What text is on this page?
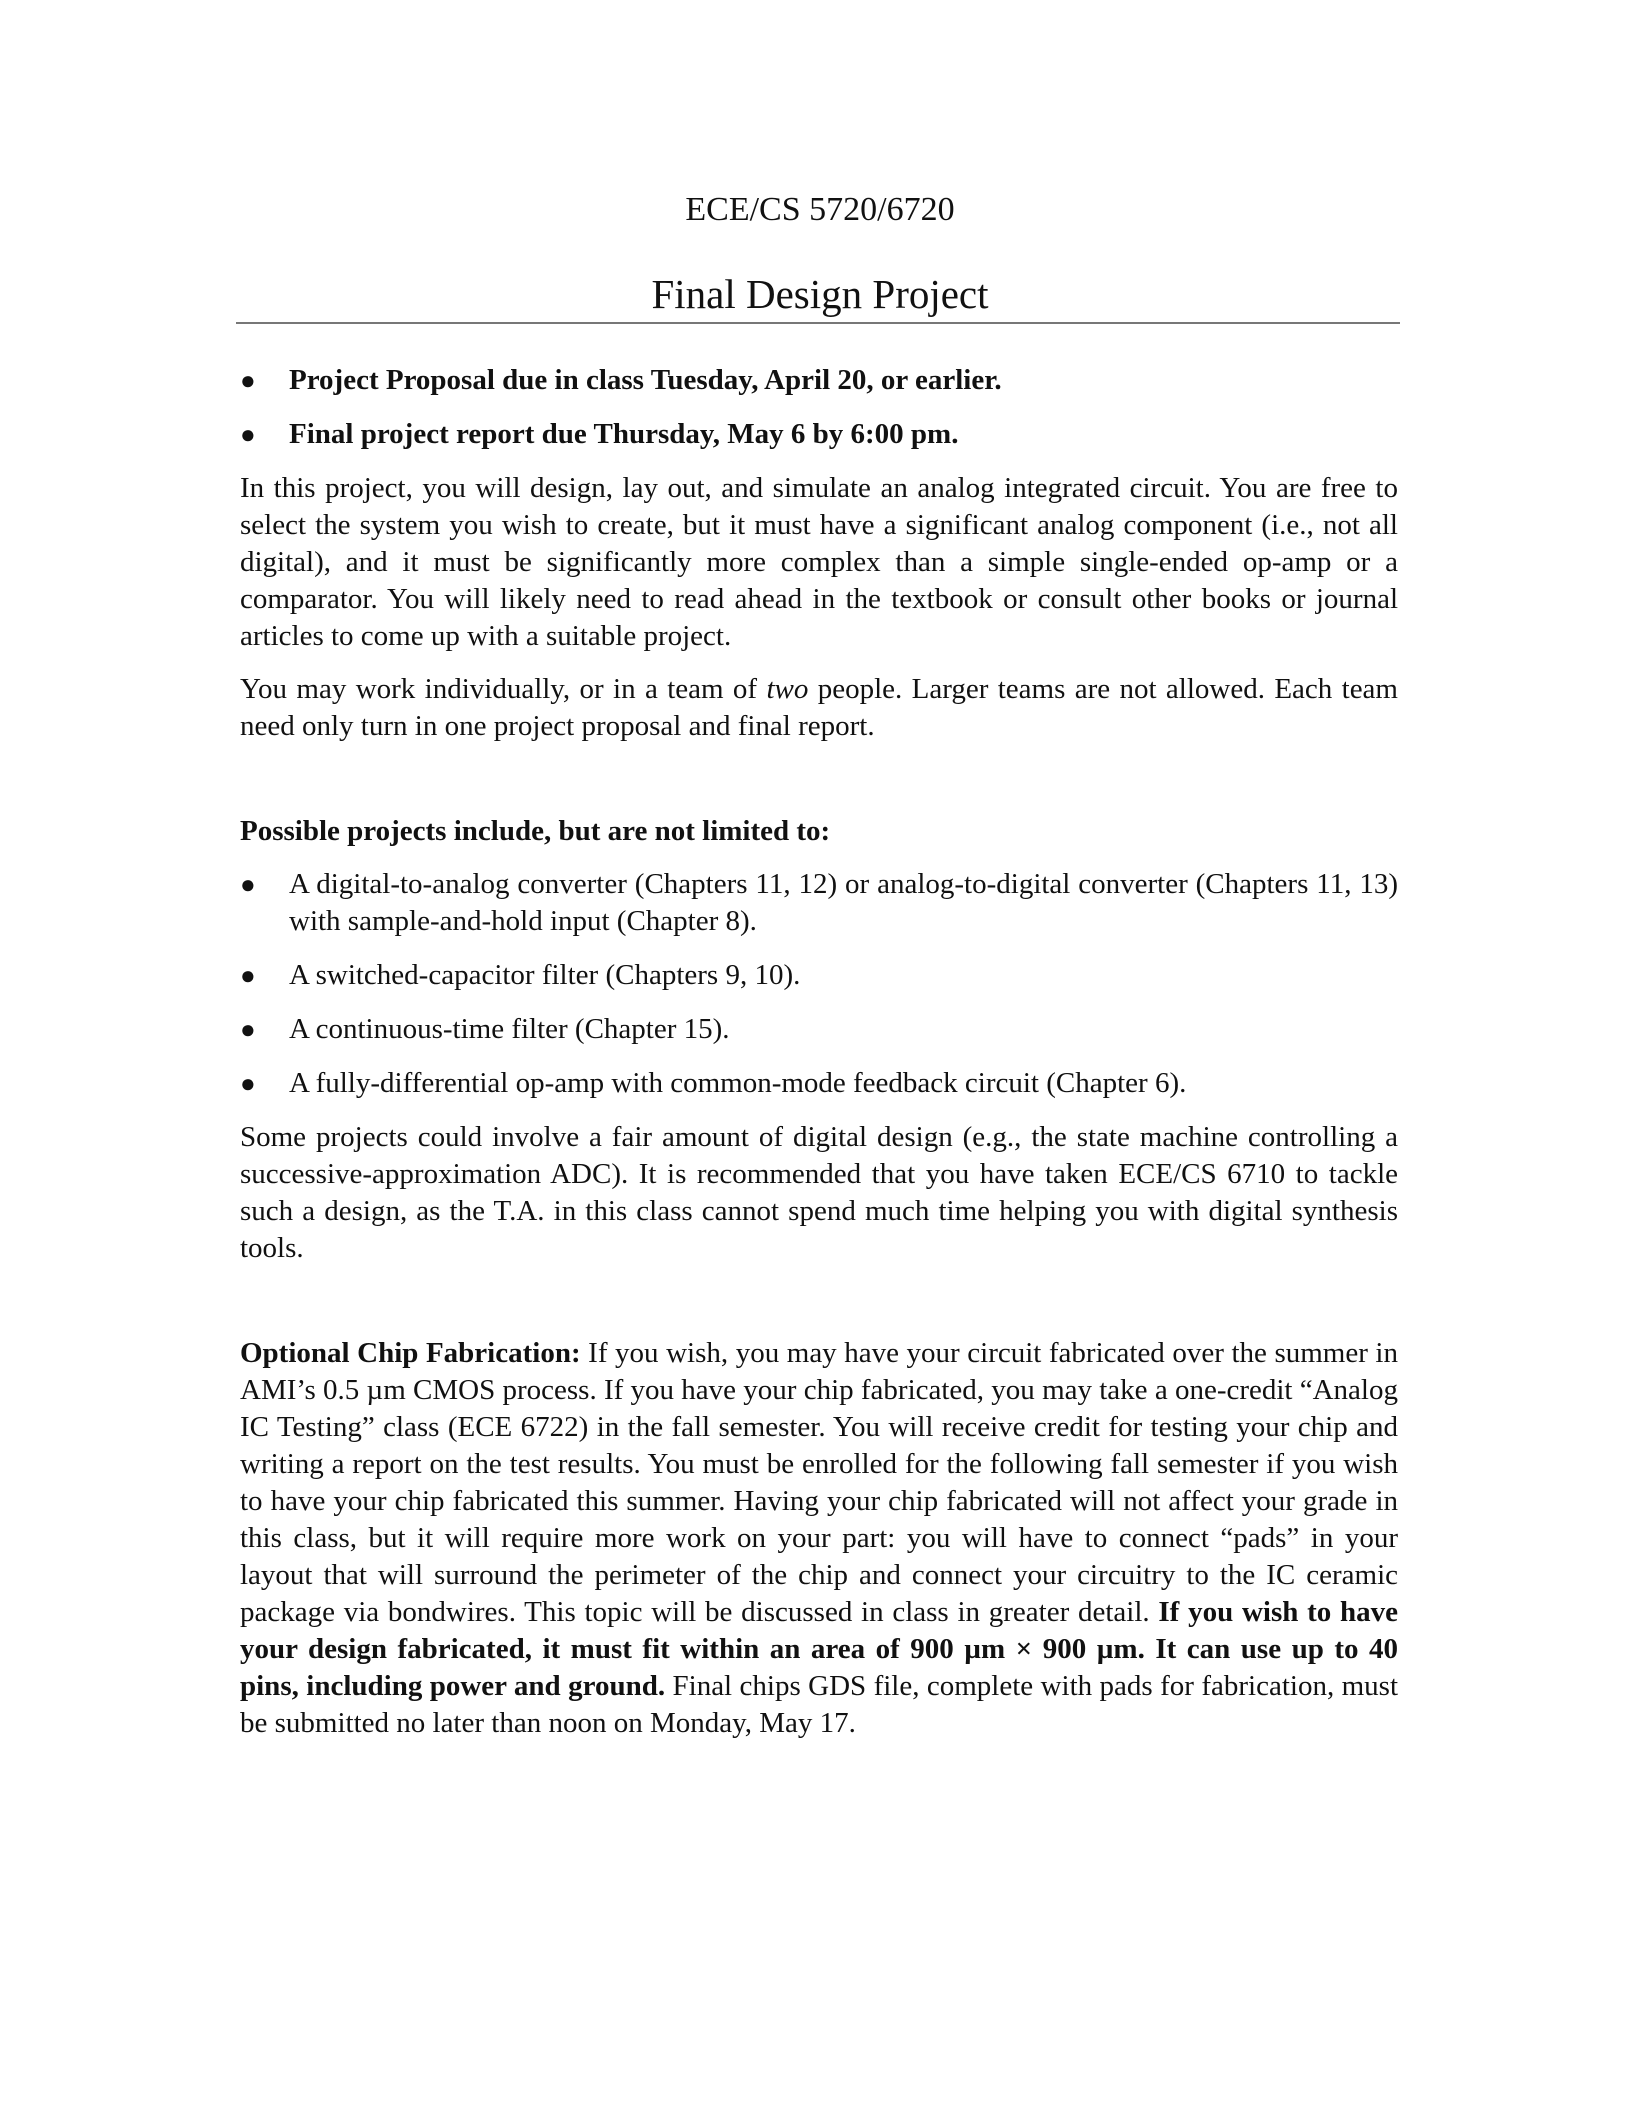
ECE/CS 5720/6720
Final Design Project
● Project Proposal due in class Tuesday, April 20, or earlier.
● Final project report due Thursday, May 6 by 6:00 pm.

In this project, you will design, lay out, and simulate an analog integrated circuit. You are free to select the system you wish to create, but it must have a significant analog component (i.e., not all digital), and it must be significantly more complex than a simple single-ended op-amp or a comparator. You will likely need to read ahead in the textbook or consult other books or journal articles to come up with a suitable project.

You may work individually, or in a team of two people. Larger teams are not allowed. Each team need only turn in one project proposal and final report.

Possible projects include, but are not limited to:

● A digital-to-analog converter (Chapters 11, 12) or analog-to-digital converter (Chapters 11, 13) with sample-and-hold input (Chapter 8).
● A switched-capacitor filter (Chapters 9, 10).
● A continuous-time filter (Chapter 15).
● A fully-differential op-amp with common-mode feedback circuit (Chapter 6).

Some projects could involve a fair amount of digital design (e.g., the state machine controlling a successive-approximation ADC). It is recommended that you have taken ECE/CS 6710 to tackle such a design, as the T.A. in this class cannot spend much time helping you with digital synthesis tools.

Optional Chip Fabrication: If you wish, you may have your circuit fabricated over the summer in AMI’s 0.5 µm CMOS process. If you have your chip fabricated, you may take a one-credit “Analog IC Testing” class (ECE 6722) in the fall semester. You will receive credit for testing your chip and writing a report on the test results. You must be enrolled for the following fall semester if you wish to have your chip fabricated this summer. Having your chip fabricated will not affect your grade in this class, but it will require more work on your part: you will have to connect “pads” in your layout that will surround the perimeter of the chip and connect your circuitry to the IC ceramic package via bondwires. This topic will be discussed in class in greater detail. If you wish to have your design fabricated, it must fit within an area of 900 µm × 900 µm. It can use up to 40 pins, including power and ground. Final chips GDS file, complete with pads for fabrication, must be submitted no later than noon on Monday, May 17.
